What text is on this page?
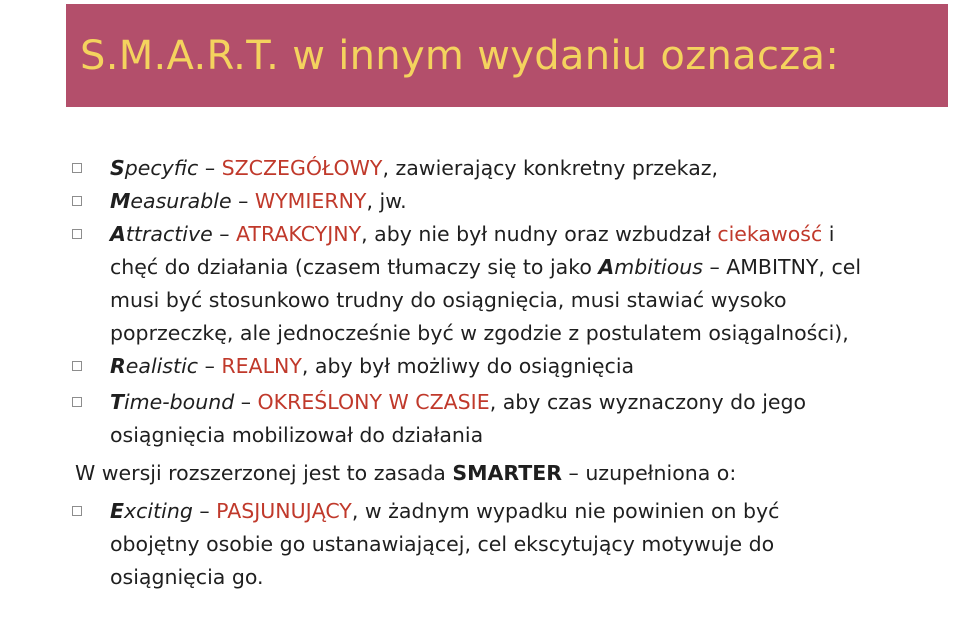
S.M.A.R.T. w innym wydaniu oznacza:
Specyfic – SZCZEGÓŁOWY, zawierający konkretny przekaz,
Measurable – WYMIERNY, jw.
Attractive – ATRAKCYJNY, aby nie był nudny oraz wzbudzał ciekawość i
chęć do działania (czasem tłumaczy się to jako Ambitious – AMBITNY, cel
musi być stosunkowo trudny do osiągnięcia, musi stawiać wysoko
poprzeczkę, ale jednocześnie być w zgodzie z postulatem osiągalności),
Realistic – REALNY, aby był możliwy do osiągnięcia
Time-bound – OKREŚLONY W CZASIE, aby czas wyznaczony do jego
osiągnięcia mobilizował do działania
W wersji rozszerzonej jest to zasada SMARTER – uzupełniona o:
Exciting – PASJUNUJĄCY, w żadnym wypadku nie powinien on być
obojętny osobie go ustanawiającej, cel ekscytujący motywuje do
osiągnięcia go.
